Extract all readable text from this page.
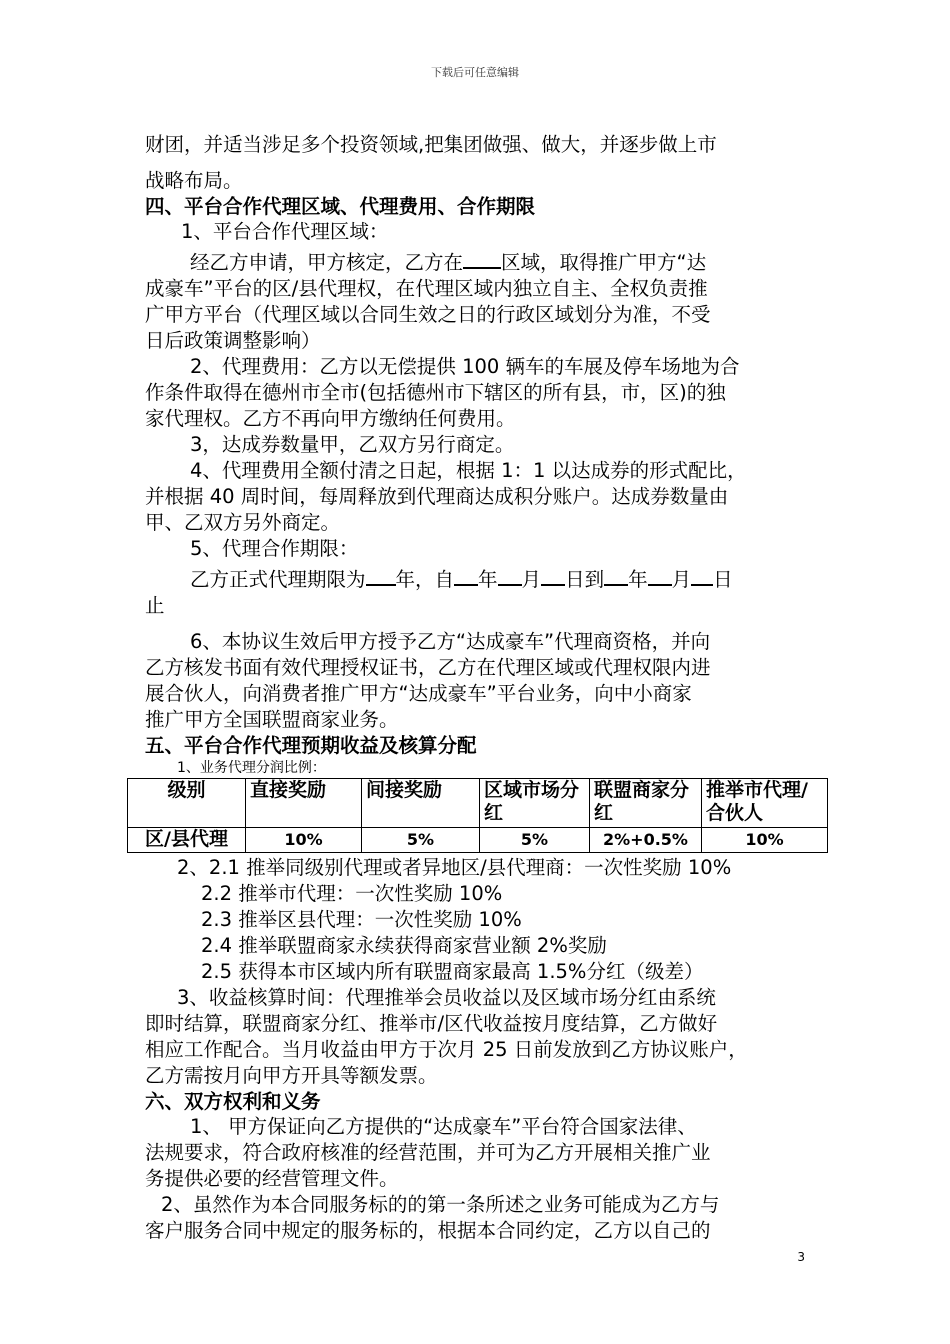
下载后可任意编辑

财团，并适当涉足多个投资领域,把集团做强、做大，并逐步做上市

战略布局。

四、平台合作代理区域、代理费用、合作期限

1、平台合作代理区域：

经乙方申请，甲方核定，乙方在 区域，取得推广甲方“达

成豪车”平台的区/县代理权，在代理区域内独立自主、全权负责推

广甲方平台（代理区域以合同生效之日的行政区域划分为准，不受

日后政策调整影响）

2、代理费用：乙方以无偿提供 100 辆车的车展及停车场地为合

作条件取得在德州市全市(包括德州市下辖区的所有县，市，区)的独

家代理权。乙方不再向甲方缴纳任何费用。

3，达成券数量甲，乙双方另行商定。

4、代理费用全额付清之日起，根据 1：1 以达成券的形式配比，

并根据 40 周时间，每周释放到代理商达成积分账户。达成券数量由

甲、乙双方另外商定。

5、代理合作期限：

乙方正式代理期限为 年，自 年 月 日到 年 月 日

止

6、本协议生效后甲方授予乙方“达成豪车”代理商资格，并向

乙方核发书面有效代理授权证书，乙方在代理区域或代理权限内进

展合伙人，向消费者推广甲方“达成豪车”平台业务，向中小商家

推广甲方全国联盟商家业务。

五、平台合作代理预期收益及核算分配

1、业务代理分润比例：

级别	直接奖励	间接奖励	区域市场分红	联盟商家分红	推举市代理/合伙人
区/县代理	10%	5%	5%	2%+0.5%	10%

2、2.1 推举同级别代理或者异地区/县代理商：一次性奖励 10%

2.2 推举市代理：一次性奖励 10%

2.3 推举区县代理：一次性奖励 10%

2.4 推举联盟商家永续获得商家营业额 2%奖励

2.5 获得本市区域内所有联盟商家最高 1.5%分红（级差）

3、收益核算时间：代理推举会员收益以及区域市场分红由系统

即时结算，联盟商家分红、推举市/区代收益按月度结算，乙方做好

相应工作配合。当月收益由甲方于次月 25 日前发放到乙方协议账户，

乙方需按月向甲方开具等额发票。

六、双方权利和义务

1、 甲方保证向乙方提供的“达成豪车”平台符合国家法律、

法规要求，符合政府核准的经营范围，并可为乙方开展相关推广业

务提供必要的经营管理文件。

2、虽然作为本合同服务标的的第一条所述之业务可能成为乙方与

客户服务合同中规定的服务标的，根据本合同约定，乙方以自己的

3
